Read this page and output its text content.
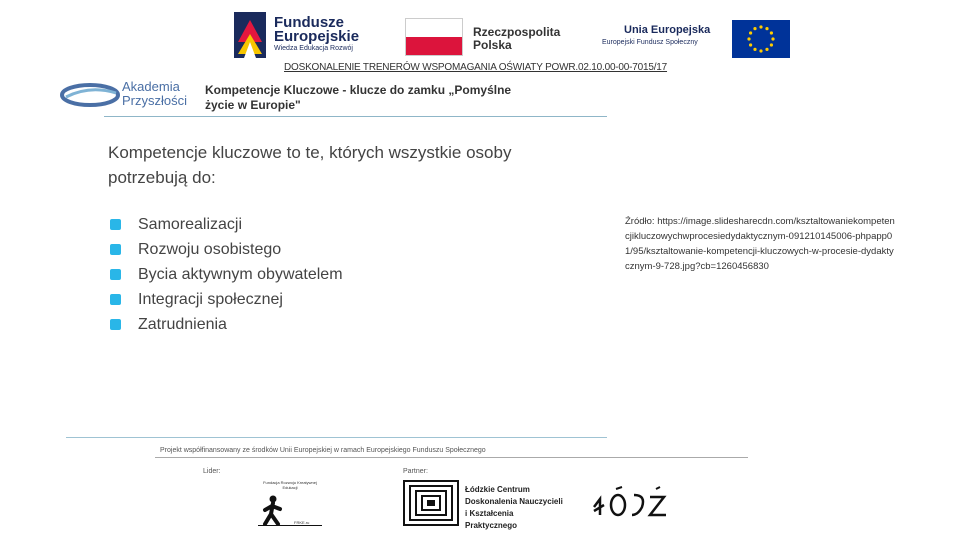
Fundusze
Europejskie
Wiedza Edukacja Rozwój
Rzeczpospolita
Polska
Unia Europejska
Europejski Fundusz Społeczny
DOSKONALENIE TRENERÓW WSPOMAGANIA OŚWIATY POWR.02.10.00-00-7015/17
Akademia
Przyszłości
Kompetencje Kluczowe - klucze do zamku „Pomyślne
życie w Europie"
Kompetencje kluczowe to te, których wszystkie osoby potrzebują do:
Samorealizacji
Rozwoju osobistego
Bycia aktywnym obywatelem
Integracji społecznej
Zatrudnienia
Źródło: https://image.slidesharecdn.com/ksztaltowaniekompetencjikluczowychwprocesiedydaktycznym-091210145006-phpapp01/95/ksztaltowanie-kompetencji-kluczowych-w-procesie-dydaktycznym-9-728.jpg?cb=1260456830
Projekt współfinansowany ze środków Unii Europejskiej w ramach Europejskiego Funduszu Społecznego
Lider:	Partner:
Fundacja Rozwoju Kreatywnej Edukacji
FRKE.ru
Łódzkie Centrum
Doskonalenia Nauczycieli
i Kształcenia Praktycznego
